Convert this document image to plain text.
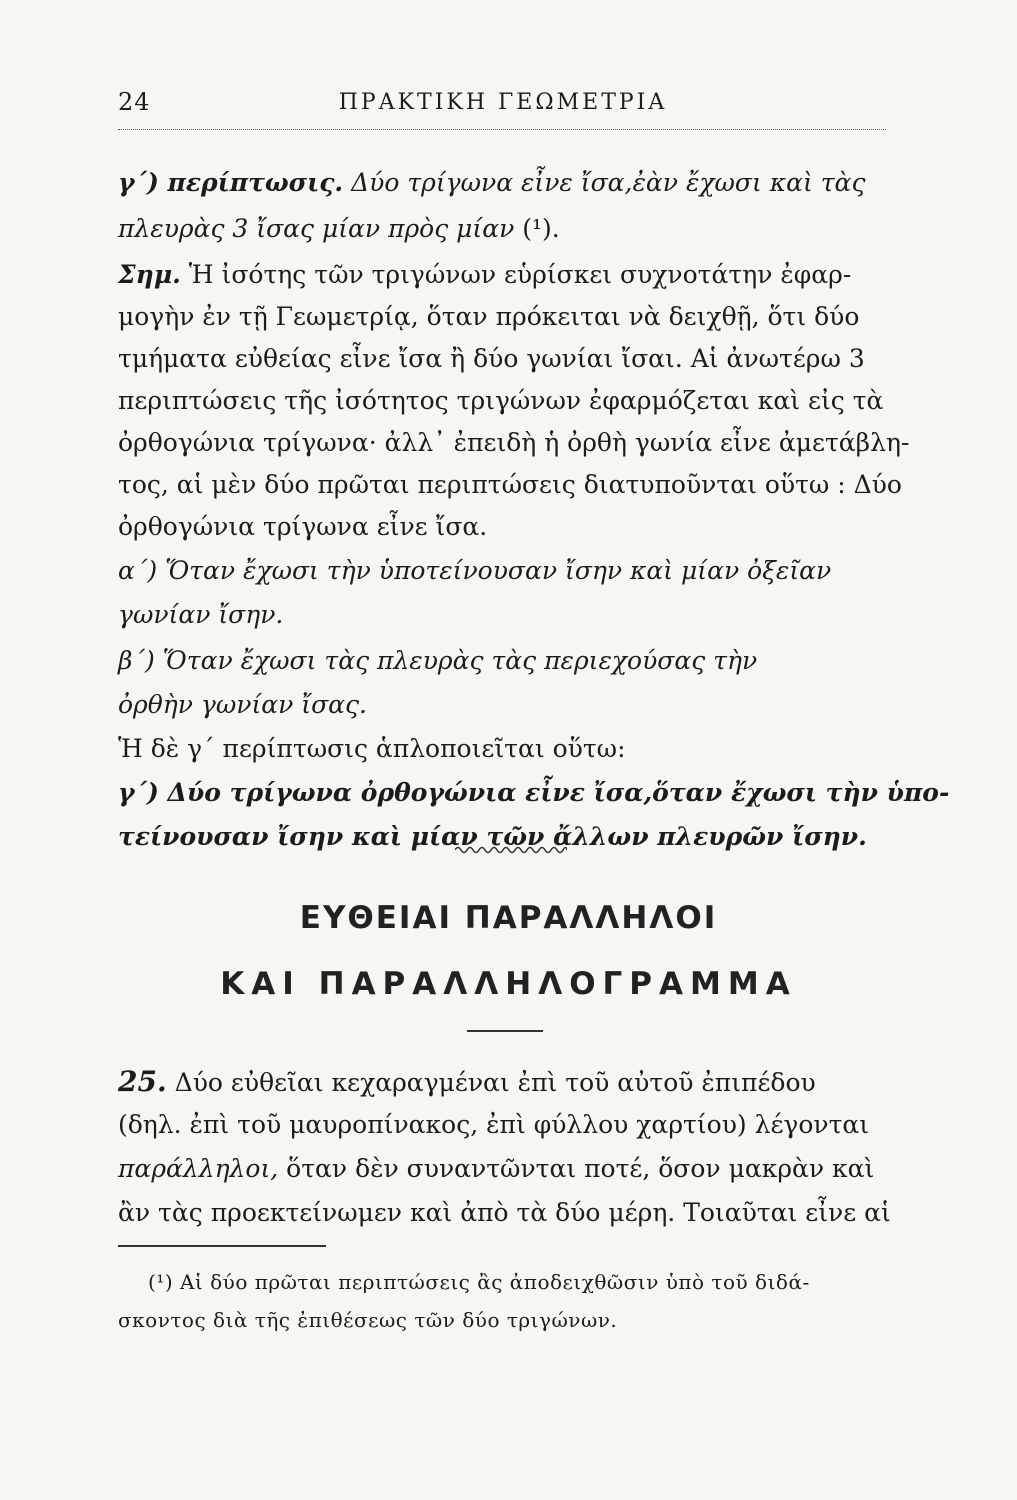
24	ΠΡΑΚΤΙΚΗ ΓΕΩΜΕΤΡΙΑ
γ΄) περίπτωσις. Δύο τρίγωνα εἶνε ἴσα,ἐὰν ἔχωσι καὶ τὰς
πλευρὰς 3 ἴσας μίαν πρὸς μίαν (¹).
Σημ. Ἡ ἰσότης τῶν τριγώνων εὑρίσκει συχνοτάτην ἐφαρ-
μογὴν ἐν τῇ Γεωμετρίᾳ, ὅταν πρόκειται νὰ δειχθῇ, ὅτι δύο
τμήματα εὐθείας εἶνε ἴσα ἢ δύο γωνίαι ἴσαι. Αἱ ἀνωτέρω 3
περιπτώσεις τῆς ἰσότητος τριγώνων ἐφαρμόζεται καὶ εἰς τὰ
ὀρθογώνια τρίγωνα· ἀλλ᾽ ἐπειδὴ ἡ ὀρθὴ γωνία εἶνε ἀμετάβλη-
τος, αἱ μὲν δύο πρῶται περιπτώσεις διατυποῦνται οὕτω : Δύο
ὀρθογώνια τρίγωνα εἶνε ἴσα.
α΄) Ὅταν ἔχωσι τὴν ὑποτείνουσαν ἴσην καὶ μίαν ὀξεῖαν
γωνίαν ἴσην.
β΄) Ὅταν ἔχωσι τὰς πλευρὰς τὰς περιεχούσας τὴν
ὀρθὴν γωνίαν ἴσας.
Ἡ δὲ γ΄ περίπτωσις ἁπλοποιεῖται οὕτω:
γ΄) Δύο τρίγωνα ὀρθογώνια εἶνε ἴσα,ὅταν ἔχωσι τὴν ὑπο-
τείνουσαν ἴσην καὶ μίαν τῶν ἄλλων πλευρῶν ἴσην.
ΕΥΘΕΙΑΙ ΠΑΡΑΛΛΗΛΟΙ
ΚΑΙ ΠΑΡΑΛΛΗΛΟΓΡΑΜΜΑ
25. Δύο εὐθεῖαι κεχαραγμέναι ἐπὶ τοῦ αὐτοῦ ἐπιπέδου
(δηλ. ἐπὶ τοῦ μαυροπίνακος, ἐπὶ φύλλου χαρτίου) λέγονται
παράλληλοι, ὅταν δὲν συναντῶνται ποτέ, ὅσον μακρὰν καὶ
ἂν τὰς προεκτείνωμεν καὶ ἀπὸ τὰ δύο μέρη. Τοιαῦται εἶνε αἱ
(¹) Αἱ δύο πρῶται περιπτώσεις ἂς ἀποδειχθῶσιν ὑπὸ τοῦ διδά-
σκοντος διὰ τῆς ἐπιθέσεως τῶν δύο τριγώνων.
